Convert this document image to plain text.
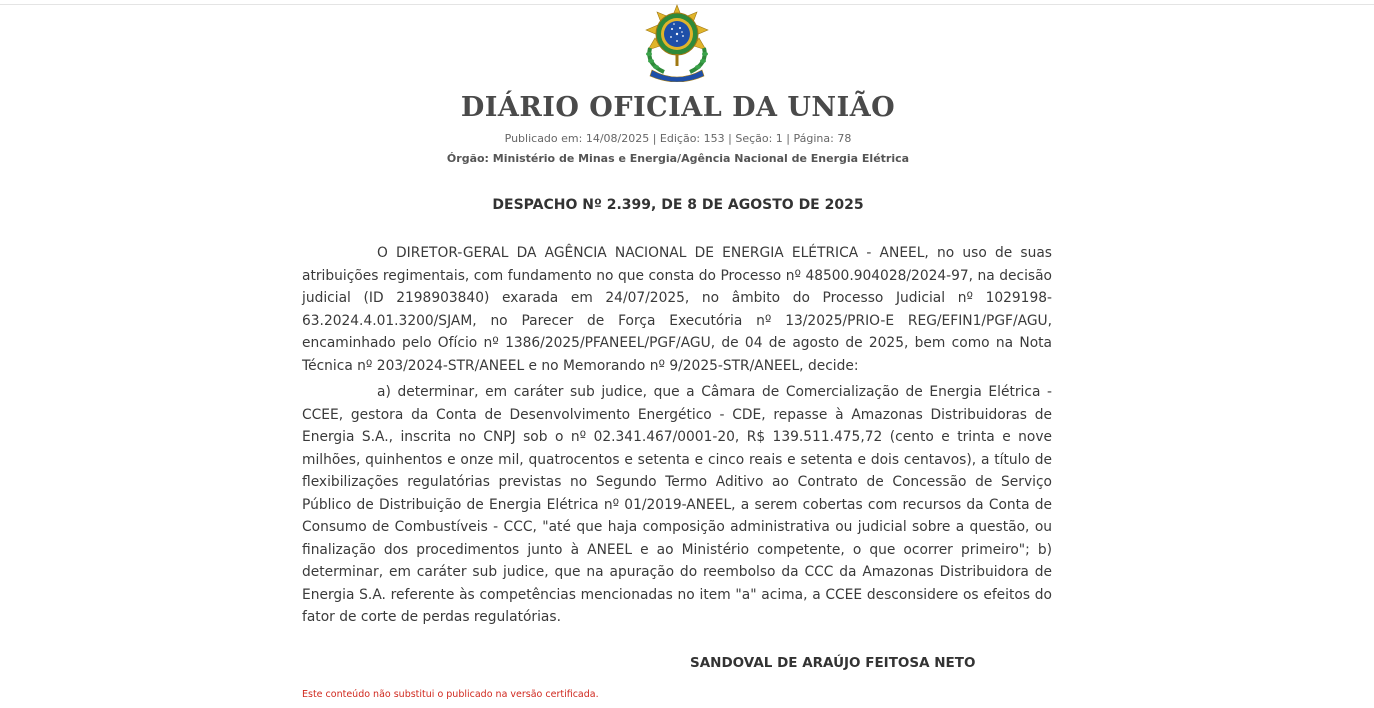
DIÁRIO OFICIAL DA UNIÃO
Publicado em: 14/08/2025 | Edição: 153 | Seção: 1 | Página: 78
Órgão: Ministério de Minas e Energia/Agência Nacional de Energia Elétrica
DESPACHO Nº 2.399, DE 8 DE AGOSTO DE 2025

O DIRETOR-GERAL DA AGÊNCIA NACIONAL DE ENERGIA ELÉTRICA - ANEEL, no uso de suas atribuições regimentais, com fundamento no que consta do Processo nº 48500.904028/2024-97, na decisão judicial (ID 2198903840) exarada em 24/07/2025, no âmbito do Processo Judicial nº 1029198-63.2024.4.01.3200/SJAM, no Parecer de Força Executória nº 13/2025/PRIO-E REG/EFIN1/PGF/AGU, encaminhado pelo Ofício nº 1386/2025/PFANEEL/PGF/AGU, de 04 de agosto de 2025, bem como na Nota Técnica nº 203/2024-STR/ANEEL e no Memorando nº 9/2025-STR/ANEEL, decide:

a) determinar, em caráter sub judice, que a Câmara de Comercialização de Energia Elétrica - CCEE, gestora da Conta de Desenvolvimento Energético - CDE, repasse à Amazonas Distribuidoras de Energia S.A., inscrita no CNPJ sob o nº 02.341.467/0001-20, R$ 139.511.475,72 (cento e trinta e nove milhões, quinhentos e onze mil, quatrocentos e setenta e cinco reais e setenta e dois centavos), a título de flexibilizações regulatórias previstas no Segundo Termo Aditivo ao Contrato de Concessão de Serviço Público de Distribuição de Energia Elétrica nº 01/2019-ANEEL, a serem cobertas com recursos da Conta de Consumo de Combustíveis - CCC, "até que haja composição administrativa ou judicial sobre a questão, ou finalização dos procedimentos junto à ANEEL e ao Ministério competente, o que ocorrer primeiro"; b) determinar, em caráter sub judice, que na apuração do reembolso da CCC da Amazonas Distribuidora de Energia S.A. referente às competências mencionadas no item "a" acima, a CCEE desconsidere os efeitos do fator de corte de perdas regulatórias.

SANDOVAL DE ARAÚJO FEITOSA NETO
Este conteúdo não substitui o publicado na versão certificada.
